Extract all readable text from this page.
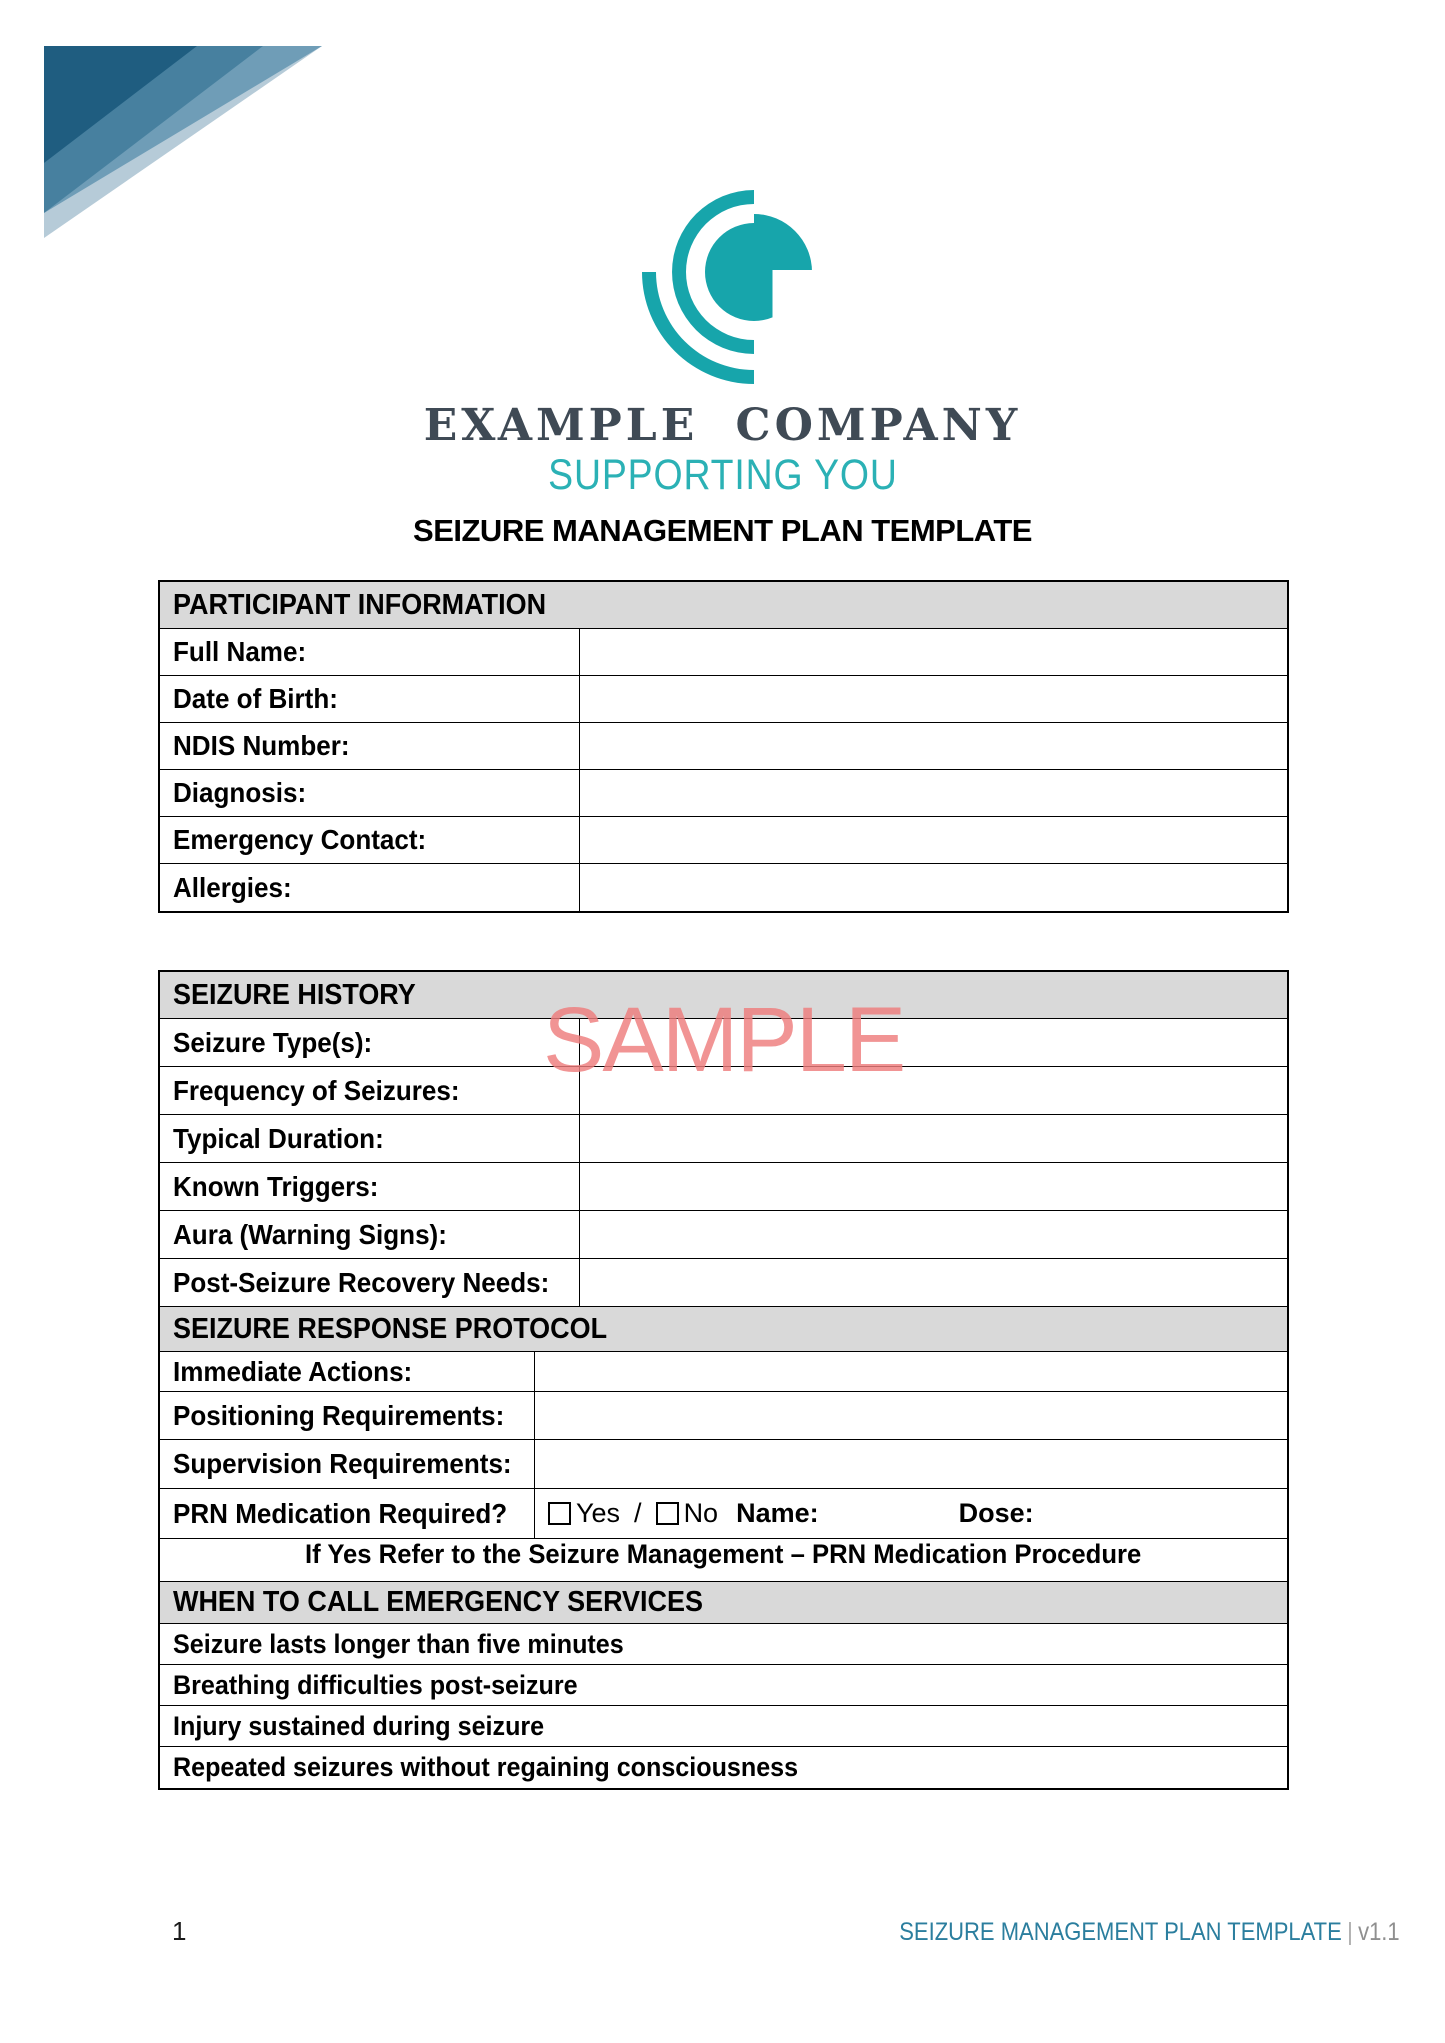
EXAMPLE COMPANY
SUPPORTING YOU
SEIZURE MANAGEMENT PLAN TEMPLATE
SAMPLE
PARTICIPANT INFORMATION
Full Name:
Date of Birth:
NDIS Number:
Diagnosis:
Emergency Contact:
Allergies:
SEIZURE HISTORY
Seizure Type(s):
Frequency of Seizures:
Typical Duration:
Known Triggers:
Aura (Warning Signs):
Post-Seizure Recovery Needs:
SEIZURE RESPONSE PROTOCOL
Immediate Actions:
Positioning Requirements:
Supervision Requirements:
PRN Medication Required?	Yes / No Name:	Dose:
If Yes Refer to the Seizure Management – PRN Medication Procedure
WHEN TO CALL EMERGENCY SERVICES
Seizure lasts longer than five minutes
Breathing difficulties post-seizure
Injury sustained during seizure
Repeated seizures without regaining consciousness
1	SEIZURE MANAGEMENT PLAN TEMPLATE | v1.1
